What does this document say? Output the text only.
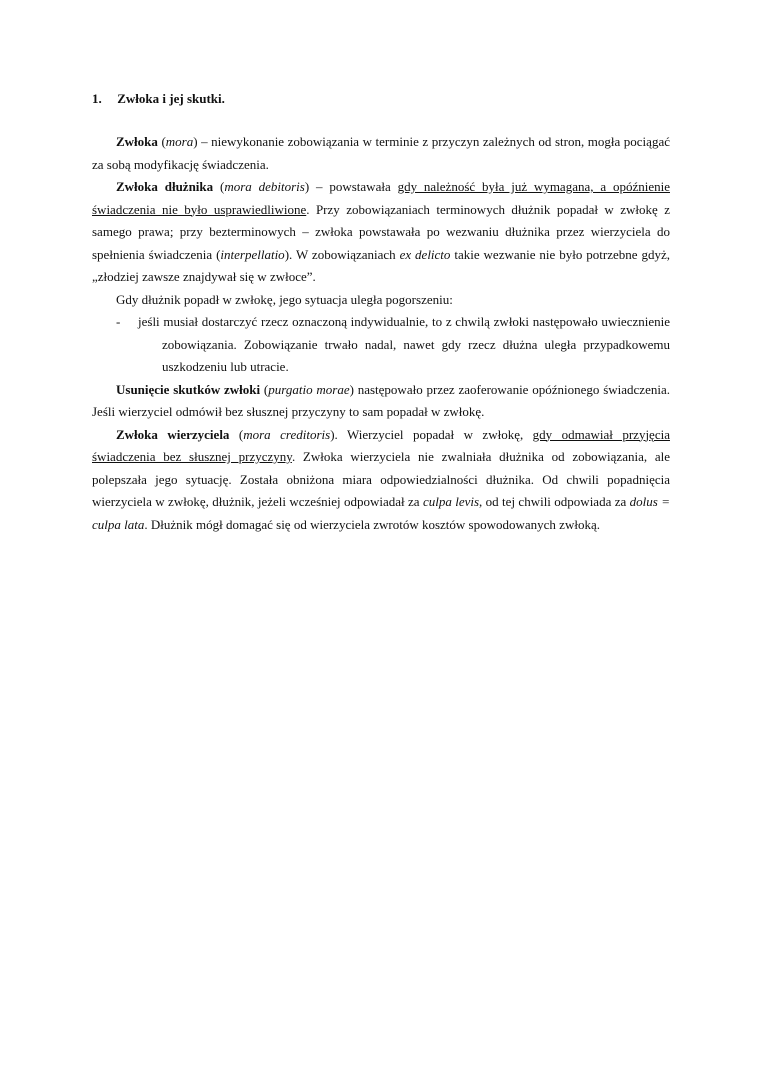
1. Zwłoka i jej skutki.

Zwłoka (mora) – niewykonanie zobowiązania w terminie z przyczyn zależnych od stron, mogła pociągać za sobą modyfikację świadczenia.

Zwłoka dłużnika (mora debitoris) – powstawała gdy należność była już wymagana, a opóźnienie świadczenia nie było usprawiedliwione. Przy zobowiązaniach terminowych dłużnik popadał w zwłokę z samego prawa; przy bezterminowych – zwłoka powstawała po wezwaniu dłużnika przez wierzyciela do spełnienia świadczenia (interpellatio). W zobowiązaniach ex delicto takie wezwanie nie było potrzebne gdyż, „złodziej zawsze znajdywał się w zwłoce”.

Gdy dłużnik popadł w zwłokę, jego sytuacja uległa pogorszeniu:

- jeśli musiał dostarczyć rzecz oznaczoną indywidualnie, to z chwilą zwłoki następowało uwiecznienie zobowiązania. Zobowiązanie trwało nadal, nawet gdy rzecz dłużna uległa przypadkowemu uszkodzeniu lub utracie.

Usunięcie skutków zwłoki (purgatio morae) następowało przez zaoferowanie opóźnionego świadczenia. Jeśli wierzyciel odmówił bez słusznej przyczyny to sam popadał w zwłokę.

Zwłoka wierzyciela (mora creditoris). Wierzyciel popadał w zwłokę, gdy odmawiał przyjęcia świadczenia bez słusznej przyczyny. Zwłoka wierzyciela nie zwalniała dłużnika od zobowiązania, ale polepszała jego sytuację. Została obniżona miara odpowiedzialności dłużnika. Od chwili popadnięcia wierzyciela w zwłokę, dłużnik, jeżeli wcześniej odpowiadał za culpa levis, od tej chwili odpowiada za dolus = culpa lata. Dłużnik mógł domagać się od wierzyciela zwrotów kosztów spowodowanych zwłoką.
